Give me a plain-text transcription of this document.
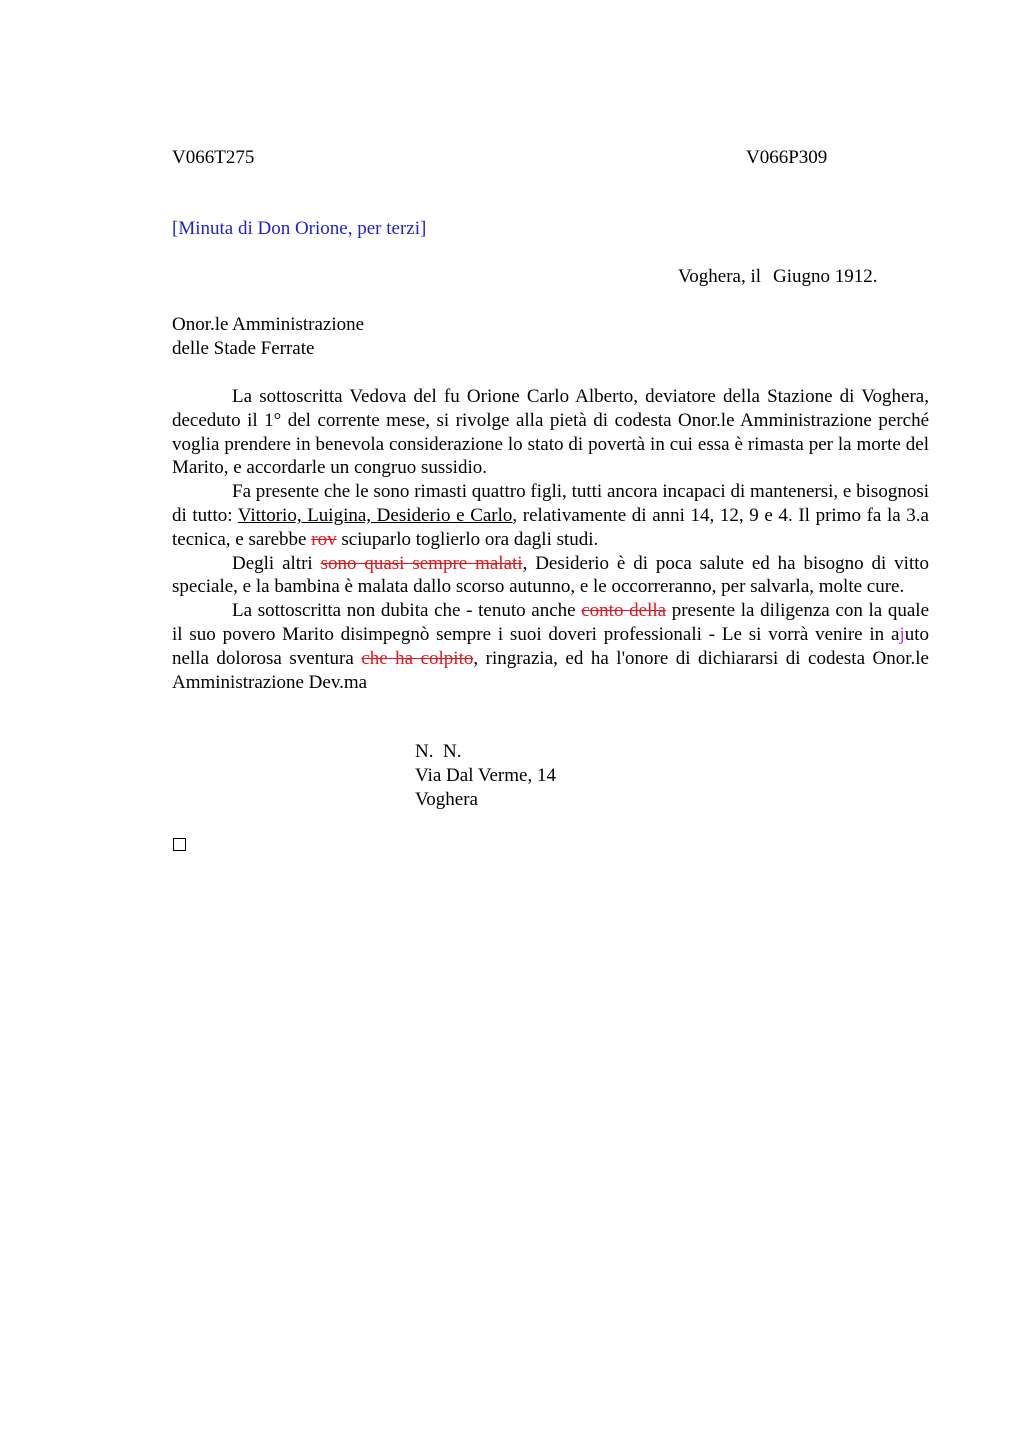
V066T275	V066P309
[Minuta di Don Orione, per terzi]
Voghera, il Giugno 1912.
Onor.le Amministrazione
delle Stade Ferrate

La sottoscritta Vedova del fu Orione Carlo Alberto, deviatore della Stazione di Voghera, deceduto il 1° del corrente mese, si rivolge alla pietà di codesta Onor.le Amministrazione perché voglia prendere in benevola considerazione lo stato di povertà in cui essa è rimasta per la morte del Marito, e accordarle un congruo sussidio.

Fa presente che le sono rimasti quattro figli, tutti ancora incapaci di mantenersi, e bisognosi di tutto: Vittorio, Luigina, Desiderio e Carlo, relativamente di anni 14, 12, 9 e 4. Il primo fa la 3.a tecnica, e sarebbe rov sciuparlo toglierlo ora dagli studi.

Degli altri sono quasi sempre malati, Desiderio è di poca salute ed ha bisogno di vitto speciale, e la bambina è malata dallo scorso autunno, e le occorreranno, per salvarla, molte cure.

La sottoscritta non dubita che - tenuto anche conto della presente la diligenza con la quale il suo povero Marito disimpegnò sempre i suoi doveri professionali - Le si vorrà venire in ajuto nella dolorosa sventura che ha colpito, ringrazia, ed ha l'onore di dichiararsi di codesta Onor.le Amministrazione Dev.ma

N.  N.
Via Dal Verme, 14
Voghera
